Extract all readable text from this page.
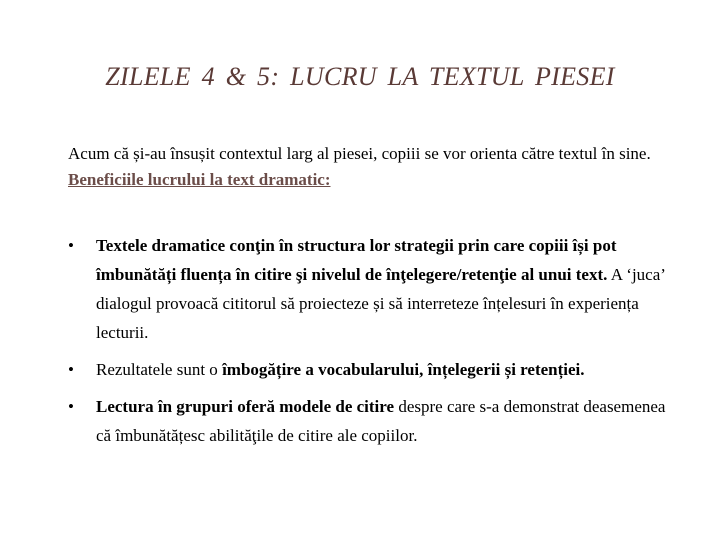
ZILELE 4 & 5: LUCRU LA TEXTUL PIESEI
Acum că și-au însușit contextul larg al piesei, copiii se vor orienta către textul în sine. Beneficiile lucrului la text dramatic:
• Textele dramatice conţin în structura lor strategii prin care copiii își pot îmbunătăți fluența în citire şi nivelul de înţelegere/retenţie al unui text. A ‘juca’ dialogul provoacă cititorul să proiecteze și să interreteze înțelesuri în experiența lecturii.
• Rezultatele sunt o îmbogățire a vocabularului, înțelegerii și retenției.
• Lectura în grupuri oferă modele de citire despre care s-a demonstrat deasemenea că îmbunătățesc abilităţile de citire ale copiilor.
